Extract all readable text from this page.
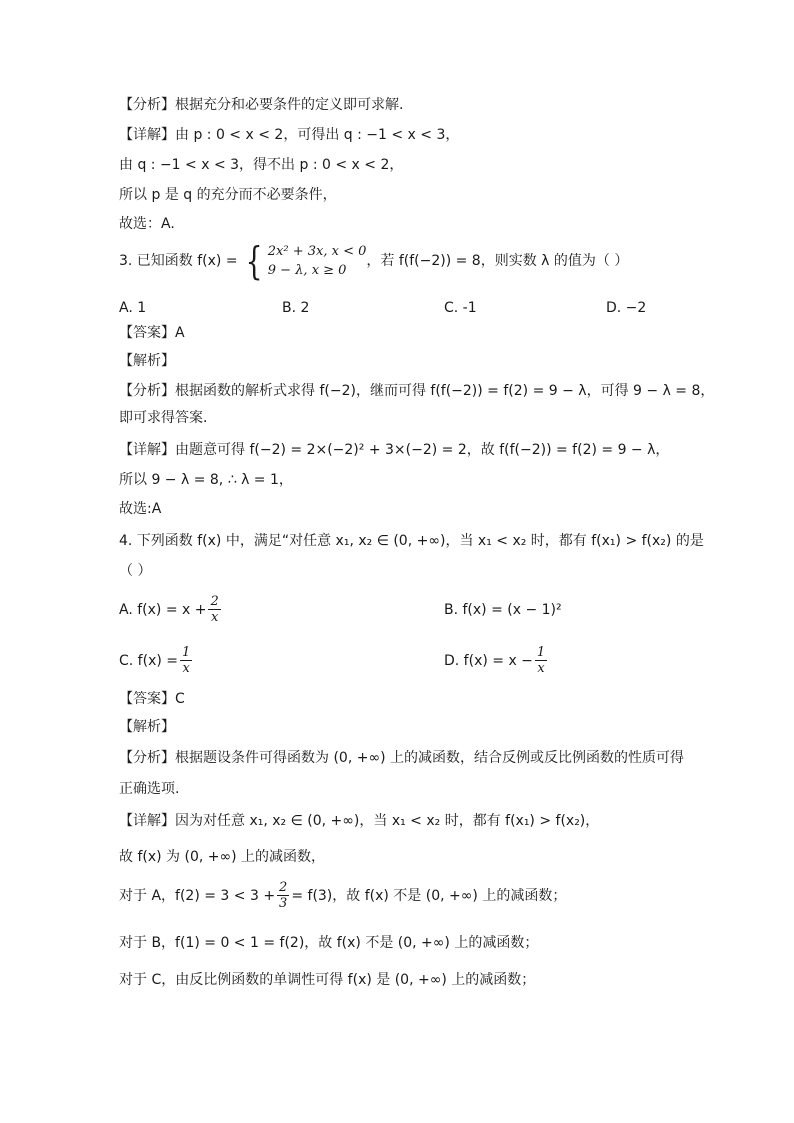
【分析】根据充分和必要条件的定义即可求解.
【详解】由 p : 0 < x < 2，可得出 q : −1 < x < 3，
由 q : −1 < x < 3，得不出 p : 0 < x < 2，
所以 p 是 q 的充分而不必要条件，
故选：A.
3. 已知函数 f(x) = { 2x² + 3x, x < 0
9 − λ, x ≥ 0
，若 f(f(−2)) = 8，则实数 λ 的值为（ ）
A. 1	B. 2	C. -1	D. −2
【答案】A
【解析】
【分析】根据函数的解析式求得 f(−2)，继而可得 f(f(−2)) = f(2) = 9 − λ，可得 9 − λ = 8，
即可求得答案.
【详解】由题意可得 f(−2) = 2×(−2)² + 3×(−2) = 2，故 f(f(−2)) = f(2) = 9 − λ，
所以 9 − λ = 8, ∴ λ = 1，
故选:A
4. 下列函数 f(x) 中，满足“对任意 x₁, x₂ ∈ (0, +∞)，当 x₁ < x₂ 时，都有 f(x₁) > f(x₂) 的是
（ ）
A. $f(x) = x + \frac{2}{x}$	B. f(x) = (x − 1)²
C. $f(x) = \frac{1}{x}$	D. $f(x) = x - \frac{1}{x}$
【答案】C
【解析】
【分析】根据题设条件可得函数为 (0, +∞) 上的减函数，结合反例或反比例函数的性质可得
正确选项.
【详解】因为对任意 x₁, x₂ ∈ (0, +∞)，当 x₁ < x₂ 时，都有 f(x₁) > f(x₂)，
故 f(x) 为 (0, +∞) 上的减函数，
对于 A，$f(2) = 3 < 3 + \frac{2}{3} = f(3)$，故 f(x) 不是 (0, +∞) 上的减函数；
对于 B，f(1) = 0 < 1 = f(2)，故 f(x) 不是 (0, +∞) 上的减函数；
对于 C，由反比例函数的单调性可得 f(x) 是 (0, +∞) 上的减函数；
